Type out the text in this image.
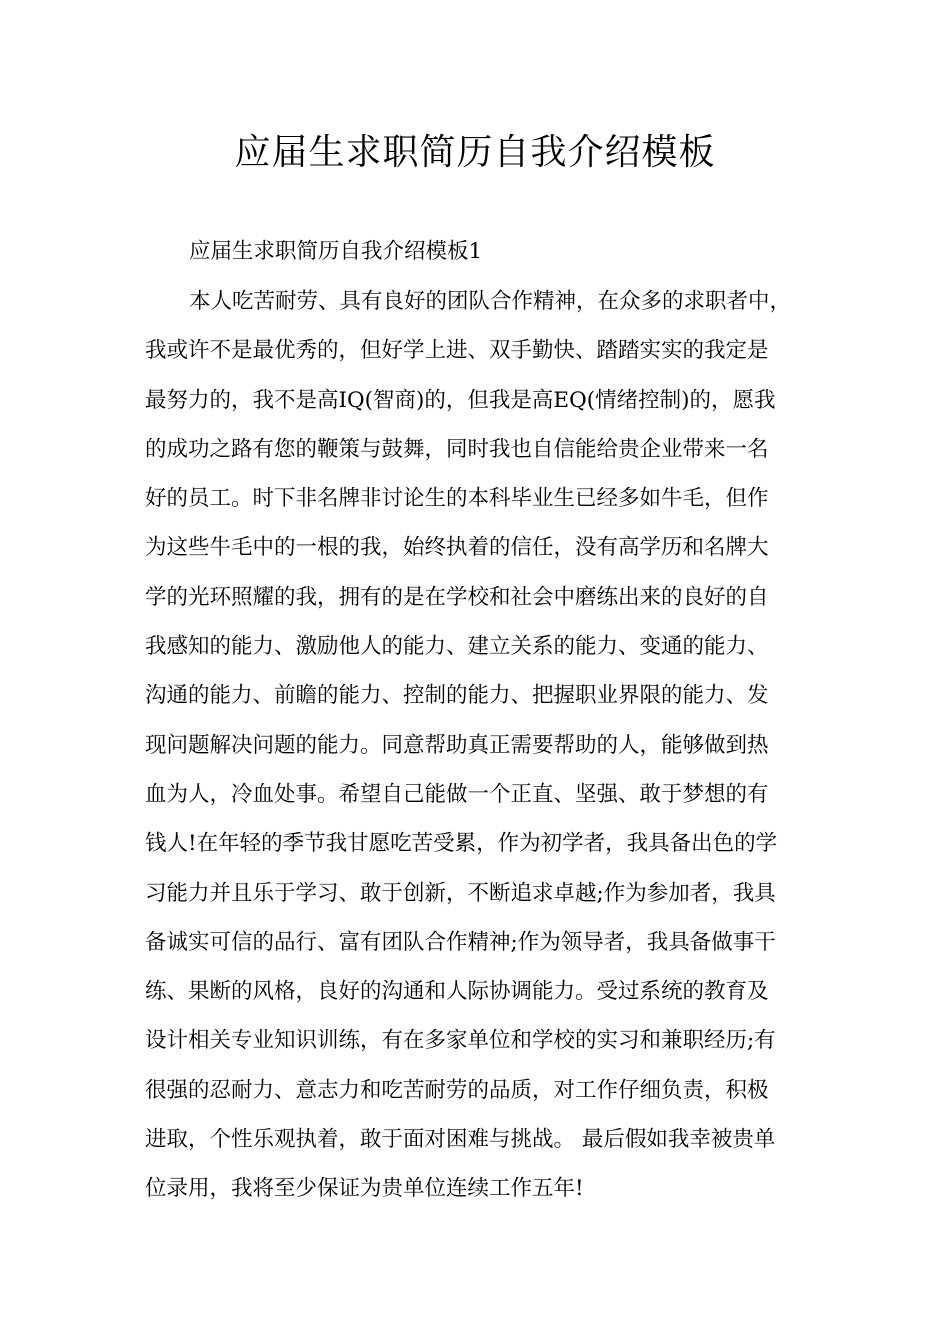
应届生求职简历自我介绍模板
应届生求职简历自我介绍模板1
本人吃苦耐劳、具有良好的团队合作精神，在众多的求职者中，
我或许不是最优秀的，但好学上进、双手勤快、踏踏实实的我定是
最努力的，我不是高IQ(智商)的，但我是高EQ(情绪控制)的，愿我
的成功之路有您的鞭策与鼓舞，同时我也自信能给贵企业带来一名
好的员工。时下非名牌非讨论生的本科毕业生已经多如牛毛，但作
为这些牛毛中的一根的我，始终执着的信任，没有高学历和名牌大
学的光环照耀的我，拥有的是在学校和社会中磨练出来的良好的自
我感知的能力、激励他人的能力、建立关系的能力、变通的能力、
沟通的能力、前瞻的能力、控制的能力、把握职业界限的能力、发
现问题解决问题的能力。同意帮助真正需要帮助的人，能够做到热
血为人，冷血处事。希望自己能做一个正直、坚强、敢于梦想的有
钱人!在年轻的季节我甘愿吃苦受累，作为初学者，我具备出色的学
习能力并且乐于学习、敢于创新，不断追求卓越;作为参加者，我具
备诚实可信的品行、富有团队合作精神;作为领导者，我具备做事干
练、果断的风格，良好的沟通和人际协调能力。受过系统的教育及
设计相关专业知识训练，有在多家单位和学校的实习和兼职经历;有
很强的忍耐力、意志力和吃苦耐劳的品质，对工作仔细负责，积极
进取，个性乐观执着，敢于面对困难与挑战。 最后假如我幸被贵单
位录用，我将至少保证为贵单位连续工作五年!
